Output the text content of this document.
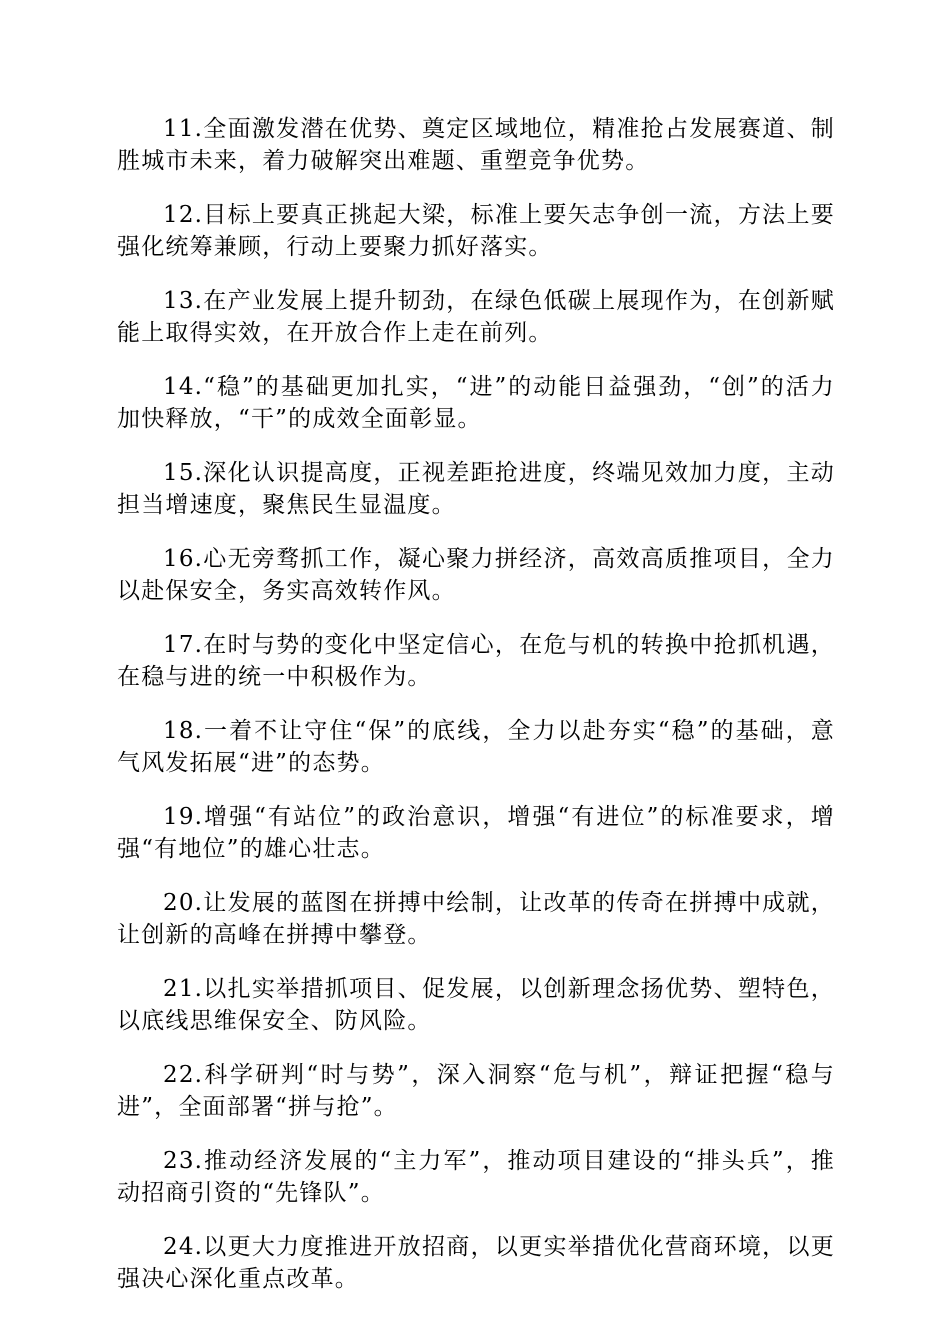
11.全面激发潜在优势、奠定区域地位，精准抢占发展赛道、制胜城市未来，着力破解突出难题、重塑竞争优势。

12.目标上要真正挑起大梁，标准上要矢志争创一流，方法上要强化统筹兼顾，行动上要聚力抓好落实。

13.在产业发展上提升韧劲，在绿色低碳上展现作为，在创新赋能上取得实效，在开放合作上走在前列。

14.“稳”的基础更加扎实，“进”的动能日益强劲，“创”的活力加快释放，“干”的成效全面彰显。

15.深化认识提高度，正视差距抢进度，终端见效加力度，主动担当增速度，聚焦民生显温度。

16.心无旁骛抓工作，凝心聚力拼经济，高效高质推项目，全力以赴保安全，务实高效转作风。

17.在时与势的变化中坚定信心，在危与机的转换中抢抓机遇，在稳与进的统一中积极作为。

18.一着不让守住“保”的底线，全力以赴夯实“稳”的基础，意气风发拓展“进”的态势。

19.增强“有站位”的政治意识，增强“有进位”的标准要求，增强“有地位”的雄心壮志。

20.让发展的蓝图在拼搏中绘制，让改革的传奇在拼搏中成就，让创新的高峰在拼搏中攀登。

21.以扎实举措抓项目、促发展，以创新理念扬优势、塑特色，以底线思维保安全、防风险。

22.科学研判“时与势”，深入洞察“危与机”，辩证把握“稳与进”，全面部署“拼与抢”。

23.推动经济发展的“主力军”，推动项目建设的“排头兵”，推动招商引资的“先锋队”。

24.以更大力度推进开放招商，以更实举措优化营商环境，以更强决心深化重点改革。
